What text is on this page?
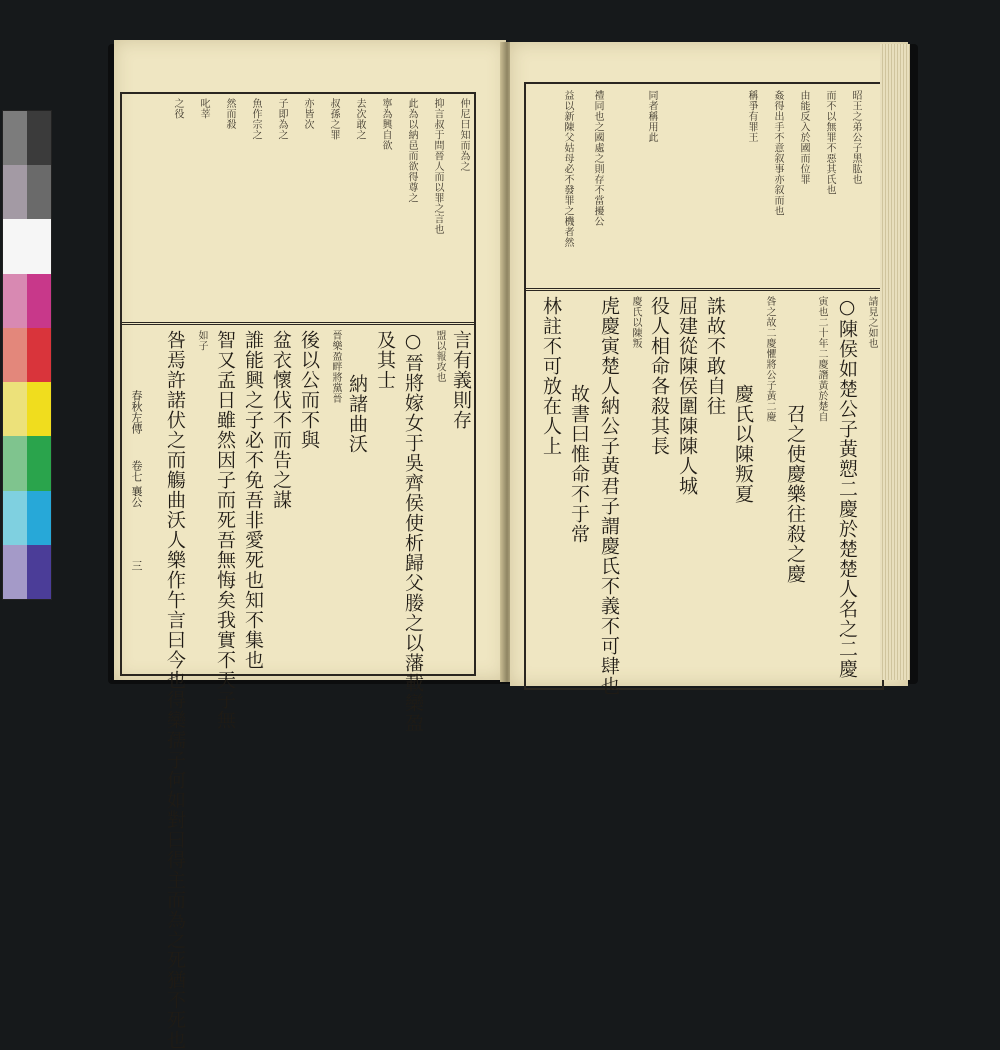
仲尼曰知而為之
抑言叔于問晉人而以罪之言也
此為以納邑而欲得尊之
寧為興自欲
去次敢之
叔孫之罪
亦皆次
子即為之
魚作宗之
然而殺
叱莘
之役
言有義則存
盟以報攻也
○晉將嫁女于吳齊侯使析歸父媵之以藩載欒盈
及其士
納諸曲沃
晉樂盈畔將黨晉
後以公而不與
盆衣懷伐不而告之謀
誰能興之子必不免吾非愛死也知不集也
智又孟日雖然因子而死吾無悔矣我實不天子無
如子
咎焉許諾伏之而觴曲沃人樂作午言曰今也得欒孺子何如對曰得主而為之死猶不死也
春秋左傳
卷七 襄公
三
昭王之弟公子黑肱也
而不以無罪不惡其氏也
由能反入於國而位罪
姦得出手不意叙事亦叙而也
稱爭有罪王
同者稱用此
禮同也之國處之則存不當擾公
益以新陳父姑母必不發罪之機者然
請見之如也
○陳侯如楚公子黃愬二慶於楚楚人名之二慶
寅也二十年二慶譖黃於楚自
召之使慶樂往殺之慶
咎之故二慶懼將公子黃二慶
慶氏以陳叛夏
誅故不敢自往
屈建從陳侯圍陳陳人城
役人相命各殺其長
慶氏以陳叛
虎慶寅楚人納公子黃君子謂慶氏不義不可肆也
故書曰惟命不于常
林註不可放在人上
